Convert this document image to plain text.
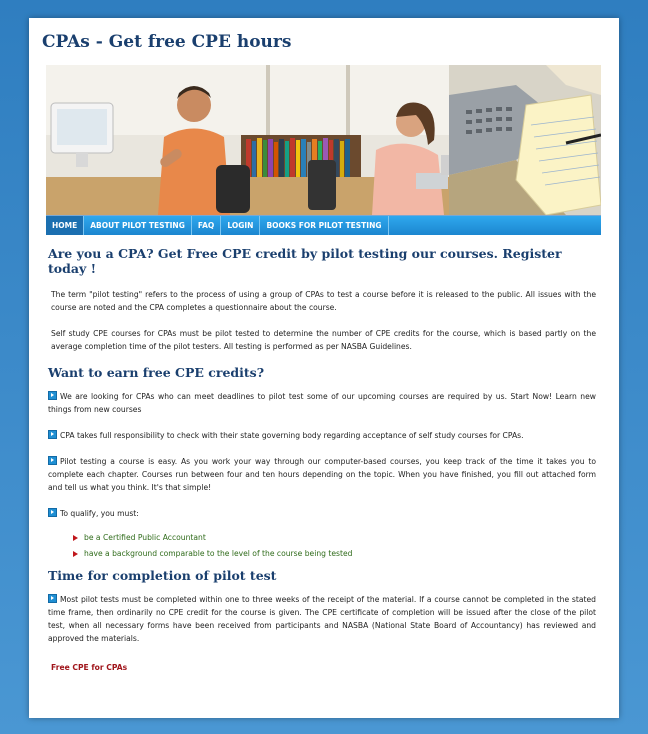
CPAs - Get free CPE hours
HOME	ABOUT PILOT TESTING	FAQ	LOGIN	BOOKS FOR PILOT TESTING
Are you a CPA? Get Free CPE credit by pilot testing our courses. Register today !

The term "pilot testing" refers to the process of using a group of CPAs to test a course before it is released to the public. All issues with the course are noted and the CPA completes a questionnaire about the course.

Self study CPE courses for CPAs must be pilot tested to determine the number of CPE credits for the course, which is based partly on the average completion time of the pilot testers. All testing is performed as per NASBA Guidelines.

Want to earn free CPE credits?

We are looking for CPAs who can meet deadlines to pilot test some of our upcoming courses are required by us. Start Now! Learn new things from new courses

CPA takes full responsibility to check with their state governing body regarding acceptance of self study courses for CPAs.

Pilot testing a course is easy. As you work your way through our computer-based courses, you keep track of the time it takes you to complete each chapter. Courses run between four and ten hours depending on the topic. When you have finished, you fill out attached form and tell us what you think. It's that simple!

To qualify, you must:

be a Certified Public Accountant
have a background comparable to the level of the course being tested
Time for completion of pilot test

Most pilot tests must be completed within one to three weeks of the receipt of the material. If a course cannot be completed in the stated time frame, then ordinarily no CPE credit for the course is given. The CPE certificate of completion will be issued after the close of the pilot test, when all necessary forms have been received from participants and NASBA (National State Board of Accountancy) has reviewed and approved the materials.

Free CPE for CPAs
